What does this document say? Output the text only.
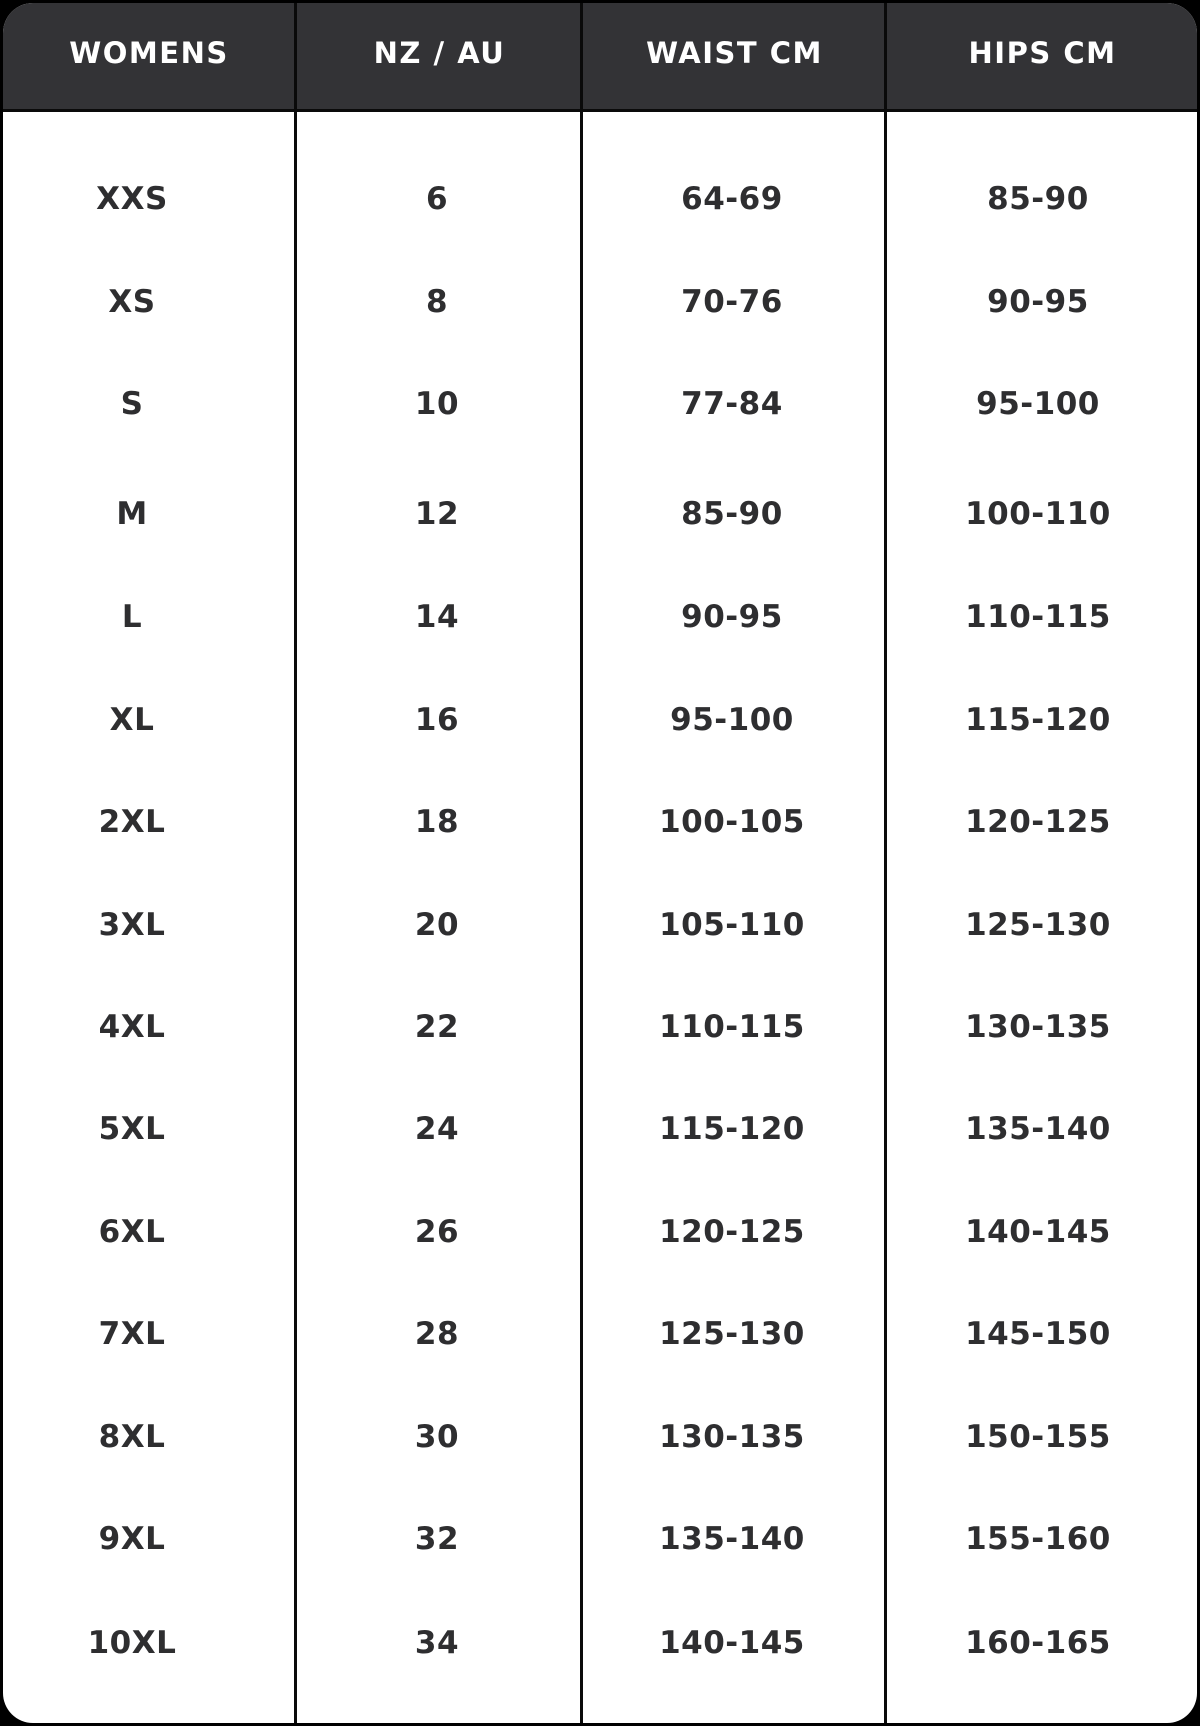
WOMENS	NZ / AU	WAIST CM	HIPS CM
XXS	6	64-69	85-90
XS	8	70-76	90-95
S	10	77-84	95-100
M	12	85-90	100-110
L	14	90-95	110-115
XL	16	95-100	115-120
2XL	18	100-105	120-125
3XL	20	105-110	125-130
4XL	22	110-115	130-135
5XL	24	115-120	135-140
6XL	26	120-125	140-145
7XL	28	125-130	145-150
8XL	30	130-135	150-155
9XL	32	135-140	155-160
10XL	34	140-145	160-165
